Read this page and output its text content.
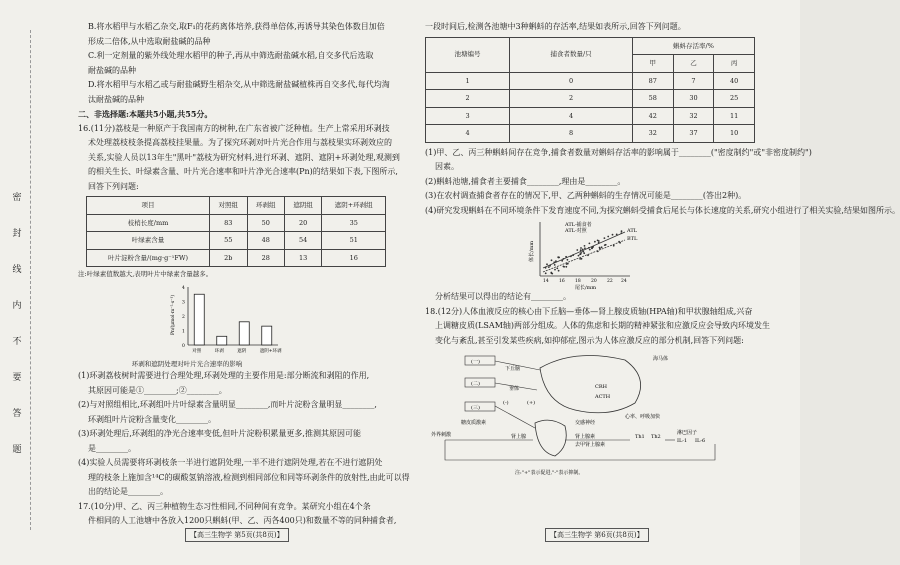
密
封
线
内
不
要
答
题

B.将水稻甲与水稻乙杂交,取F₁的花药离体培养,获得单倍体,再诱导其染色体数目加倍

形成二倍体,从中选取耐盐碱的品种

C.利一定剂量的紫外线处理水稻甲的种子,再从中筛选耐盐碱水稻,自交多代后选取

耐盐碱的品种

D.将水稻甲与水稻乙或与耐盐碱野生稻杂交,从中筛选耐盐碱植株再自交多代,每代均淘

汰耐盐碱的品种

二、非选择题:本题共5小题,共55分。

16.(11分)荔枝是一种原产于我国南方的树种,在广东省被广泛种植。生产上常采用环剥技

术处理荔枝枝条提高荔枝挂果量。为了探究环剥对叶片光合作用与荔枝果实环剥效应的

关系,实验人员以13年生"黑叶"荔枝为研究材料,进行环剥、遮阴、遮阴+环剥处理,观测到

的相关生长、叶绿素含量、叶片光合速率和叶片净光合速率(Pn)的结果如下表,下图所示,

回答下列问题:

项目	对照组	环剥组	遮阴组	遮阴+环剥组
枝梢长度/mm	83	50	20	35
叶绿素含量	55	48	54	51
叶片淀粉含量/(mg·g⁻¹FW)	2b	28	13	16

注:叶绿素值数越大,表明叶片中绿素含量越多。

0
1
2
3
4
Pn/(μmol·m⁻²·s⁻¹)
对照	环剥	遮阴	遮阴+环剥

环剥和遮阴处理对叶片光合速率的影响

(1)环剥荔枝树时需要进行合理处理,环剥处理的主要作用是:部分断流和剥阻的作用,

其原因可能是①________;②________。

(2)与对照组相比,环剥组叶片叶绿素含量明显________,而叶片淀粉含量明显________,

环剥组叶片淀粉含量变化________。

(3)环剥处理后,环剥组的净光合速率变低,但叶片淀粉积累量更多,推测其原因可能

是________。

(4)实验人员需要将环剥枝条一半进行遮阴处理,一半不进行遮阴处理,若在不进行遮阴处

理的枝条上施加含¹⁴C的碳酸氢钠溶液,检测到相同部位和同等环剥条件的放射性,由此可以得

出的结论是________。

17.(10分)甲、乙、丙三种植物生态习性相同,不同种间有竞争。某研究小组在4个条

件相同的人工池塘中各放入1200只蝌蚪(甲、乙、丙各400只)和数量不等的同种捕食者,

【高三生物学 第5页(共8页)】

一段时间后,检测各池塘中3种蝌蚪的存活率,结果如表所示,回答下列问题。

池塘编号	捕食者数量/只	蝌蚪存活率/%		
		甲	乙	丙
1	0	87	7	40
2	2	58	30	25
3	4	42	32	11
4	8	32	37	10

(1)甲、乙、丙三种蝌蚪间存在竞争,捕食者数量对蝌蚪存活率的影响属于________("密度制约"或"非密度制约")

因素。

(2)蝌蚪池塘,捕食者主要捕食________,理由是________。

(3)在农村调查捕食者存在的情况下,甲、乙两种蝌蚪的生存情况可能是________(答出2种)。

(4)研究发现蝌蚪在不同环境条件下发育速度不同,为探究蝌蚪受捕食后尾长与体长速度的关系,研究小组进行了相关实验,结果如图所示。

ATL-捕食者
ATL-对照	ATL
BTL
14 16 18 20 22 24
尾长/mm
体长/mm

分析结果可以得出的结论有________。

18.(12分)人体血液反应的核心由下丘脑—垂体—肾上腺皮质轴(HPA轴)和甲状腺轴组成,兴奋

上调糖皮质(LSAM轴)两部分组成。人体的焦虑和长期的精神紧张和应激反应会导致内环境发生

变化与紊乱,甚至引发某些疾病,如抑郁症,图示为人体应激反应的部分机制,回答下列问题:

(一)
下丘脑
海马体
(二)
垂体
(三)
肾上腺
糖皮质激素
CRH
ACTH
(+)
(-)
交感神经
心率、呼吸加快
外界刺激	肾上腺素
去甲肾上腺素
Th1 Th2
淋巴因子
IL-1 IL-6
注:"+"表示促进,"-"表示抑制。
【高三生物学 第6页(共8页)】
